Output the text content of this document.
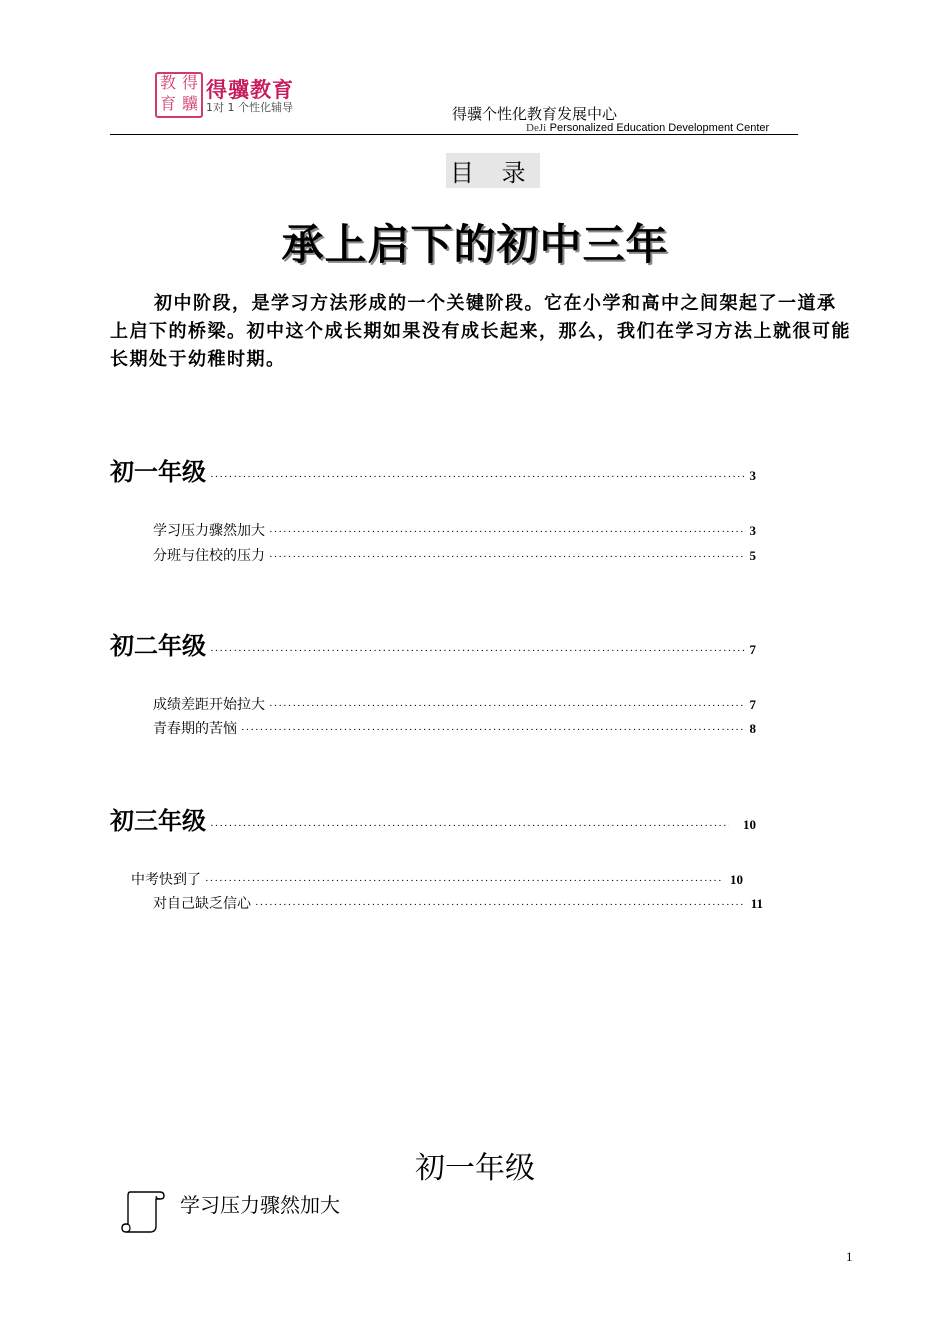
教 得
育 驥
得骥教育
1对 1 个性化辅导	得骥个性化教育发展中心
DeJi Personalized Education Development Center
目 录
承上启下的初中三年
初中阶段，是学习方法形成的一个关键阶段。它在小学和高中之间架起了一道承上启下的桥梁。初中这个成长期如果没有成长起来，那么，我们在学习方法上就很可能长期处于幼稚时期。
初一年级 ·····	3
学习压力骤然加大 ·····	3
分班与住校的压力 ·····	5
初二年级 ·····	7
成绩差距开始拉大 ·····	7
青春期的苦恼 ·····	8
初三年级 ·····	10
中考快到了 ·····	10
对自己缺乏信心 ·····	11
初一年级
学习压力骤然加大
1
